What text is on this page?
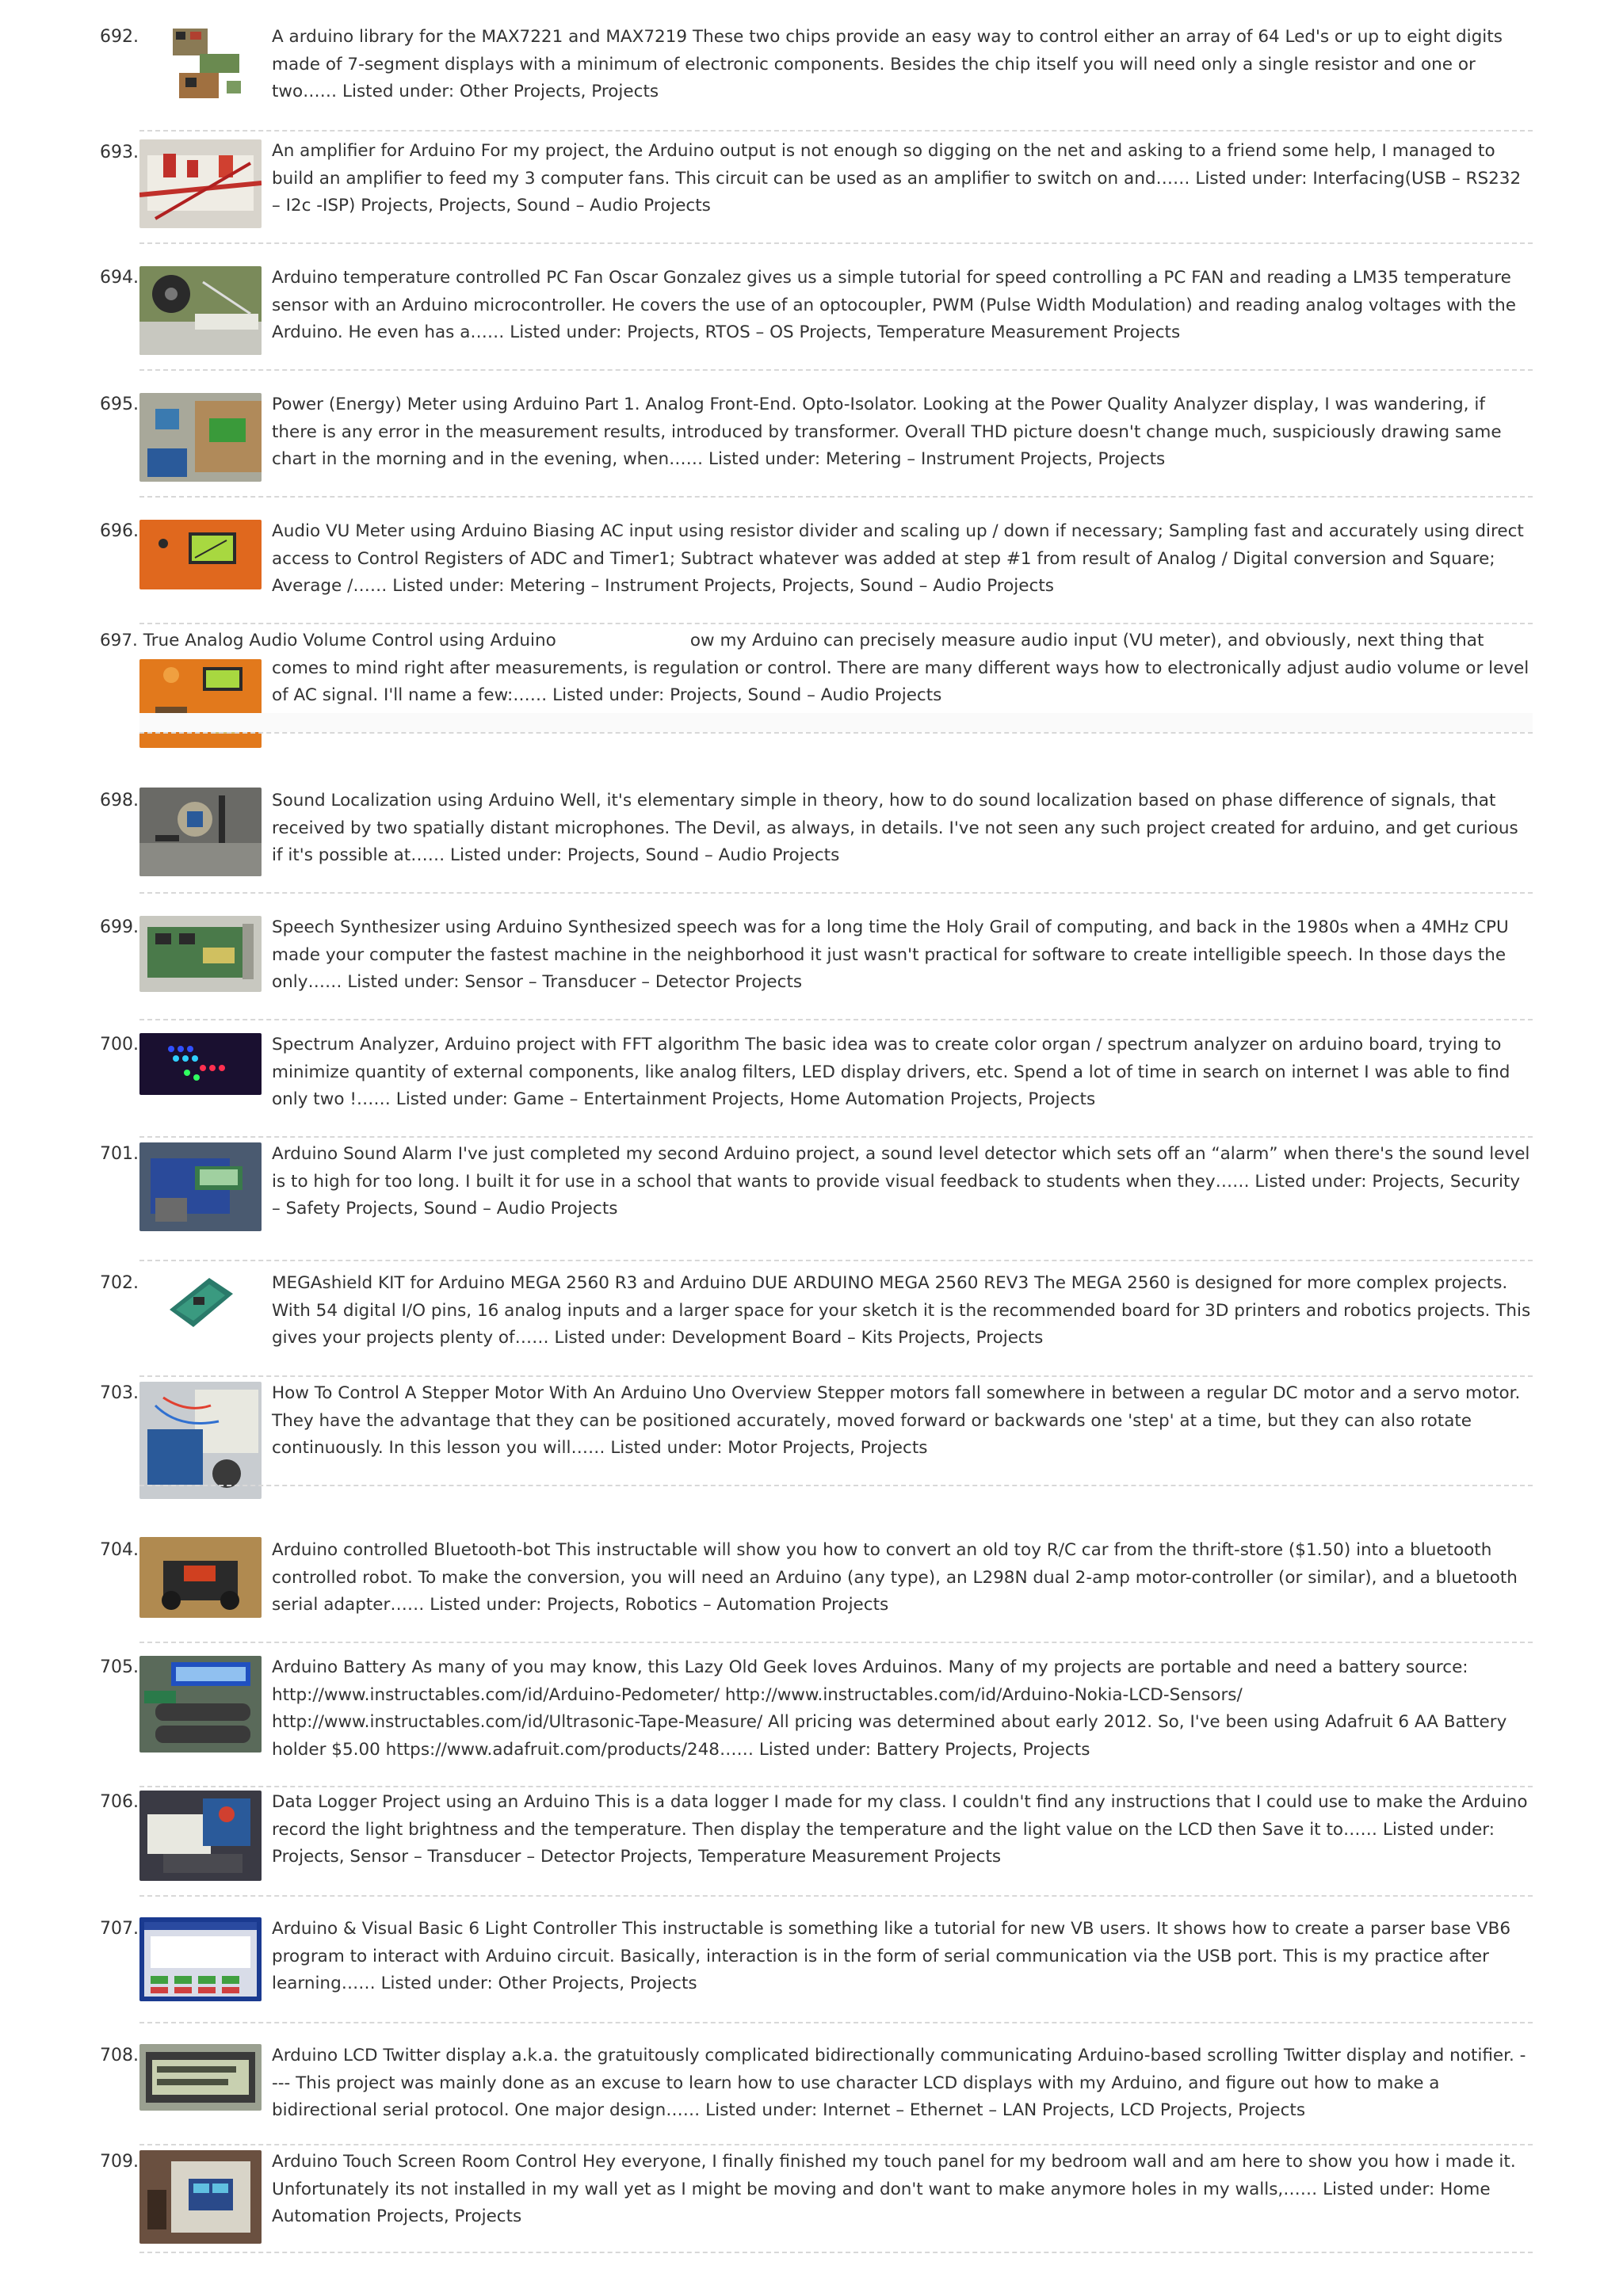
692.	A arduino library for the MAX7221 and MAX7219 These two chips provide an easy way to control either an array of 64 Led's or up to eight digits made of 7-segment displays with a minimum of electronic components. Besides the chip itself you will need only a single resistor and one or two…… Listed under: Other Projects, Projects

693.	An amplifier for Arduino For my project, the Arduino output is not enough so digging on the net and asking to a friend some help, I managed to build an amplifier to feed my 3 computer fans. This circuit can be used as an amplifier to switch on and…… Listed under: Interfacing(USB – RS232 – I2c -ISP) Projects, Projects, Sound – Audio Projects

694.	Arduino temperature controlled PC Fan Oscar Gonzalez gives us a simple tutorial for speed controlling a PC FAN and reading a LM35 temperature sensor with an Arduino microcontroller. He covers the use of an optocoupler, PWM (Pulse Width Modulation) and reading analog voltages with the Arduino. He even has a…… Listed under: Projects, RTOS – OS Projects, Temperature Measurement Projects

695.	Power (Energy) Meter using Arduino Part 1. Analog Front-End. Opto-Isolator. Looking at the Power Quality Analyzer display, I was wandering, if there is any error in the measurement results, introduced by transformer. Overall THD picture doesn't change much, suspiciously drawing same chart in the morning and in the evening, when…… Listed under: Metering – Instrument Projects, Projects

696.	Audio VU Meter using Arduino Biasing AC input using resistor divider and scaling up / down if necessary; Sampling fast and accurately using direct access to Control Registers of ADC and Timer1; Subtract whatever was added at step #1 from result of Analog / Digital conversion and Square; Average /…… Listed under: Metering – Instrument Projects, Projects, Sound – Audio Projects

697. True Analog Audio Volume Control using Arduino	ow my Arduino can precisely measure audio input (VU meter), and obviously, next thing that comes to mind right after measurements, is regulation or control. There are many different ways how to electronically adjust audio volume or level of AC signal. I'll name a few:…… Listed under: Projects, Sound – Audio Projects

698.	Sound Localization using Arduino Well, it's elementary simple in theory, how to do sound localization based on phase difference of signals, that received by two spatially distant microphones. The Devil, as always, in details. I've not seen any such project created for arduino, and get curious if it's possible at…… Listed under: Projects, Sound – Audio Projects

699.	Speech Synthesizer using Arduino Synthesized speech was for a long time the Holy Grail of computing, and back in the 1980s when a 4MHz CPU made your computer the fastest machine in the neighborhood it just wasn't practical for software to create intelligible speech. In those days the only…… Listed under: Sensor – Transducer – Detector Projects

700.	Spectrum Analyzer, Arduino project with FFT algorithm The basic idea was to create color organ / spectrum analyzer on arduino board, trying to minimize quantity of external components, like analog filters, LED display drivers, etc. Spend a lot of time in search on internet I was able to find only two !…… Listed under: Game – Entertainment Projects, Home Automation Projects, Projects

701.	Arduino Sound Alarm I've just completed my second Arduino project, a sound level detector which sets off an “alarm” when there's the sound level is to high for too long. I built it for use in a school that wants to provide visual feedback to students when they…… Listed under: Projects, Security – Safety Projects, Sound – Audio Projects

702.	MEGAshield KIT for Arduino MEGA 2560 R3 and Arduino DUE ARDUINO MEGA 2560 REV3 The MEGA 2560 is designed for more complex projects. With 54 digital I/O pins, 16 analog inputs and a larger space for your sketch it is the recommended board for 3D printers and robotics projects. This gives your projects plenty of…… Listed under: Development Board – Kits Projects, Projects

703.	How To Control A Stepper Motor With An Arduino Uno Overview Stepper motors fall somewhere in between a regular DC motor and a servo motor. They have the advantage that they can be positioned accurately, moved forward or backwards one 'step' at a time, but they can also rotate continuously. In this lesson you will…… Listed under: Motor Projects, Projects

704.	Arduino controlled Bluetooth-bot This instructable will show you how to convert an old toy R/C car from the thrift-store ($1.50) into a bluetooth controlled robot. To make the conversion, you will need an Arduino (any type), an L298N dual 2-amp motor-controller (or similar), and a bluetooth serial adapter…… Listed under: Projects, Robotics – Automation Projects

705.	Arduino Battery As many of you may know, this Lazy Old Geek loves Arduinos. Many of my projects are portable and need a battery source: http://www.instructables.com/id/Arduino-Pedometer/ http://www.instructables.com/id/Arduino-Nokia-LCD-Sensors/ http://www.instructables.com/id/Ultrasonic-Tape-Measure/ All pricing was determined about early 2012. So, I've been using Adafruit 6 AA Battery holder $5.00 https://www.adafruit.com/products/248…… Listed under: Battery Projects, Projects

706.	Data Logger Project using an Arduino This is a data logger I made for my class. I couldn't find any instructions that I could use to make the Arduino record the light brightness and the temperature. Then display the temperature and the light value on the LCD then Save it to…… Listed under: Projects, Sensor – Transducer – Detector Projects, Temperature Measurement Projects

707.	Arduino & Visual Basic 6 Light Controller This instructable is something like a tutorial for new VB users. It shows how to create a parser base VB6 program to interact with Arduino circuit. Basically, interaction is in the form of serial communication via the USB port. This is my practice after learning…… Listed under: Other Projects, Projects

708.	Arduino LCD Twitter display a.k.a. the gratuitously complicated bidirectionally communicating Arduino-based scrolling Twitter display and notifier. ---- This project was mainly done as an excuse to learn how to use character LCD displays with my Arduino, and figure out how to make a bidirectional serial protocol. One major design…… Listed under: Internet – Ethernet – LAN Projects, LCD Projects, Projects

709.	Arduino Touch Screen Room Control Hey everyone, I finally finished my touch panel for my bedroom wall and am here to show you how i made it. Unfortunately its not installed in my wall yet as I might be moving and don't want to make anymore holes in my walls,…… Listed under: Home Automation Projects, Projects
